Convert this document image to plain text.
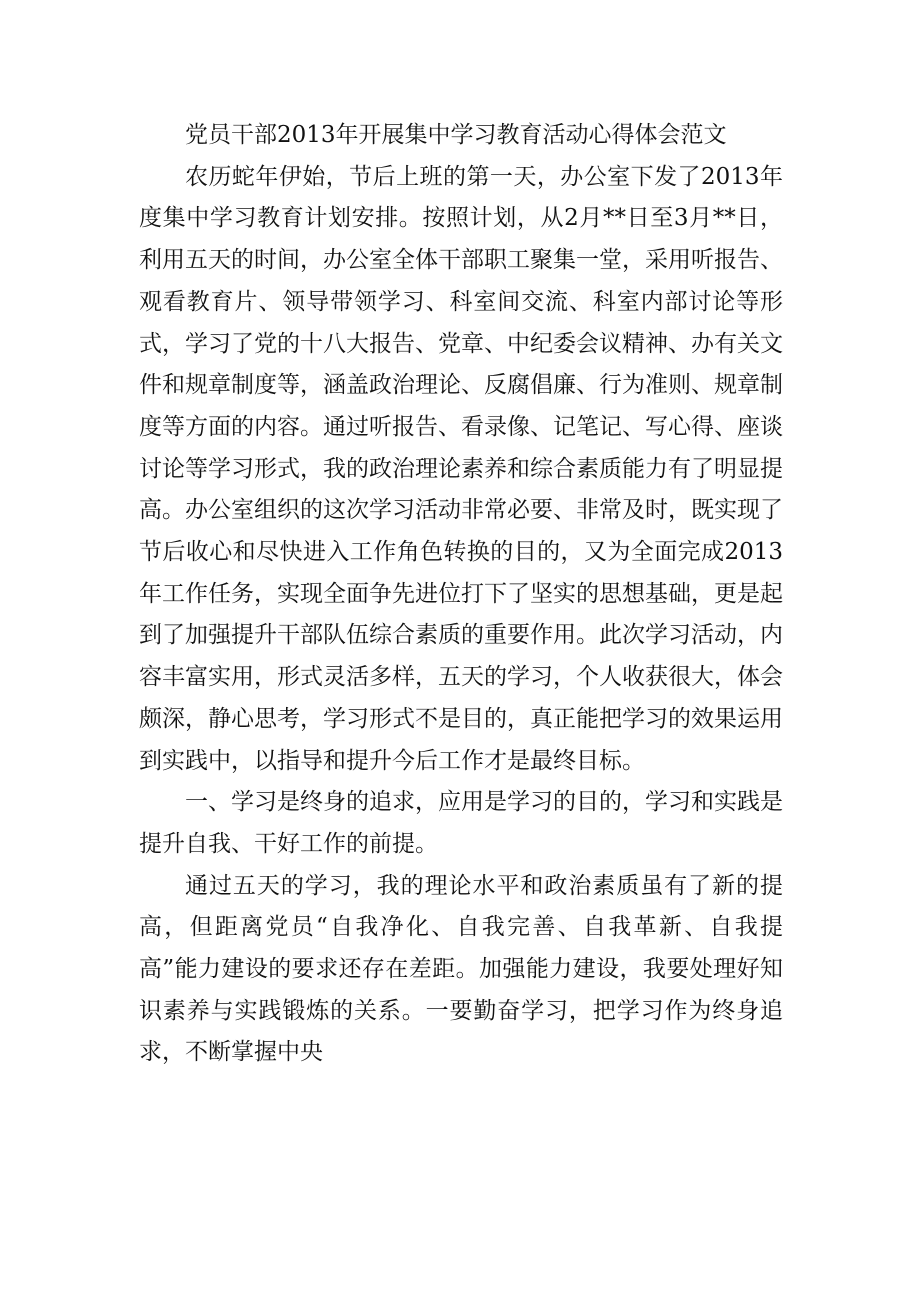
党员干部2013年开展集中学习教育活动心得体会范文

农历蛇年伊始，节后上班的第一天，办公室下发了2013年度集中学习教育计划安排。按照计划，从2月**日至3月**日，利用五天的时间，办公室全体干部职工聚集一堂，采用听报告、观看教育片、领导带领学习、科室间交流、科室内部讨论等形式，学习了党的十八大报告、党章、中纪委会议精神、办有关文件和规章制度等，涵盖政治理论、反腐倡廉、行为准则、规章制度等方面的内容。通过听报告、看录像、记笔记、写心得、座谈讨论等学习形式，我的政治理论素养和综合素质能力有了明显提高。办公室组织的这次学习活动非常必要、非常及时，既实现了节后收心和尽快进入工作角色转换的目的，又为全面完成2013年工作任务，实现全面争先进位打下了坚实的思想基础，更是起到了加强提升干部队伍综合素质的重要作用。此次学习活动，内容丰富实用，形式灵活多样，五天的学习，个人收获很大，体会颇深，静心思考，学习形式不是目的，真正能把学习的效果运用到实践中，以指导和提升今后工作才是最终目标。

一、学习是终身的追求，应用是学习的目的，学习和实践是提升自我、干好工作的前提。

通过五天的学习，我的理论水平和政治素质虽有了新的提高，但距离党员“自我净化、自我完善、自我革新、自我提高”能力建设的要求还存在差距。加强能力建设，我要处理好知识素养与实践锻炼的关系。一要勤奋学习，把学习作为终身追求，不断掌握中央
